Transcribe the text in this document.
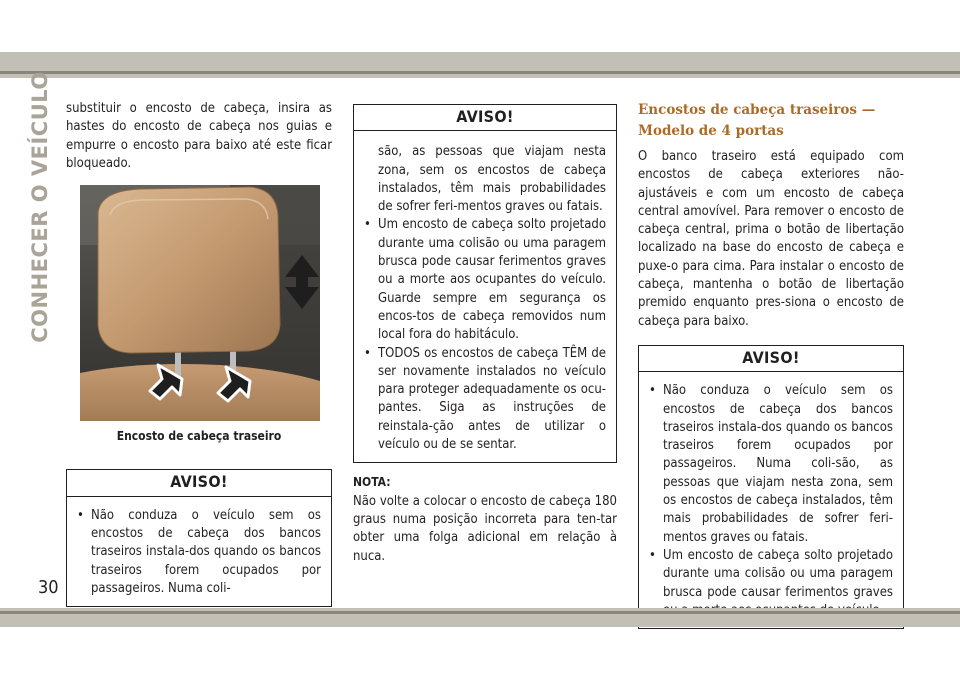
CONHECER O VEÍCULO substituir o encosto de cabeça, insira as hastes do encosto de cabeça nos guias e empurre o encosto para baixo até este ficar bloqueado.

Encosto de cabeça traseiro
AVISO!
• Não conduza o veículo sem os encostos de cabeça dos bancos traseiros instala-dos quando os bancos traseiros forem ocupados por passageiros. Numa coli-
AVISO!
são, as pessoas que viajam nesta zona, sem os encostos de cabeça instalados, têm mais probabilidades de sofrer feri-mentos graves ou fatais.
• Um encosto de cabeça solto projetado durante uma colisão ou uma paragem brusca pode causar ferimentos graves ou a morte aos ocupantes do veículo. Guarde sempre em segurança os encos-tos de cabeça removidos num local fora do habitáculo.
• TODOS os encostos de cabeça TÊM de ser novamente instalados no veículo para proteger adequadamente os ocu-pantes. Siga as instruções de reinstala-ção antes de utilizar o veículo ou de se sentar.
NOTA:

Não volte a colocar o encosto de cabeça 180 graus numa posição incorreta para ten-tar obter uma folga adicional em relação à nuca.

Encostos de cabeça traseiros — Modelo de 4 portas

O banco traseiro está equipado com encostos de cabeça exteriores não-ajustáveis e com um encosto de cabeça central amovível. Para remover o encosto de cabeça central, prima o botão de libertação localizado na base do encosto de cabeça e puxe-o para cima. Para instalar o encosto de cabeça, mantenha o botão de libertação premido enquanto pres-siona o encosto de cabeça para baixo.

AVISO!
• Não conduza o veículo sem os encostos de cabeça dos bancos traseiros instala-dos quando os bancos traseiros forem ocupados por passageiros. Numa coli-são, as pessoas que viajam nesta zona, sem os encostos de cabeça instalados, têm mais probabilidades de sofrer feri-mentos graves ou fatais.
• Um encosto de cabeça solto projetado durante uma colisão ou uma paragem brusca pode causar ferimentos graves
30
